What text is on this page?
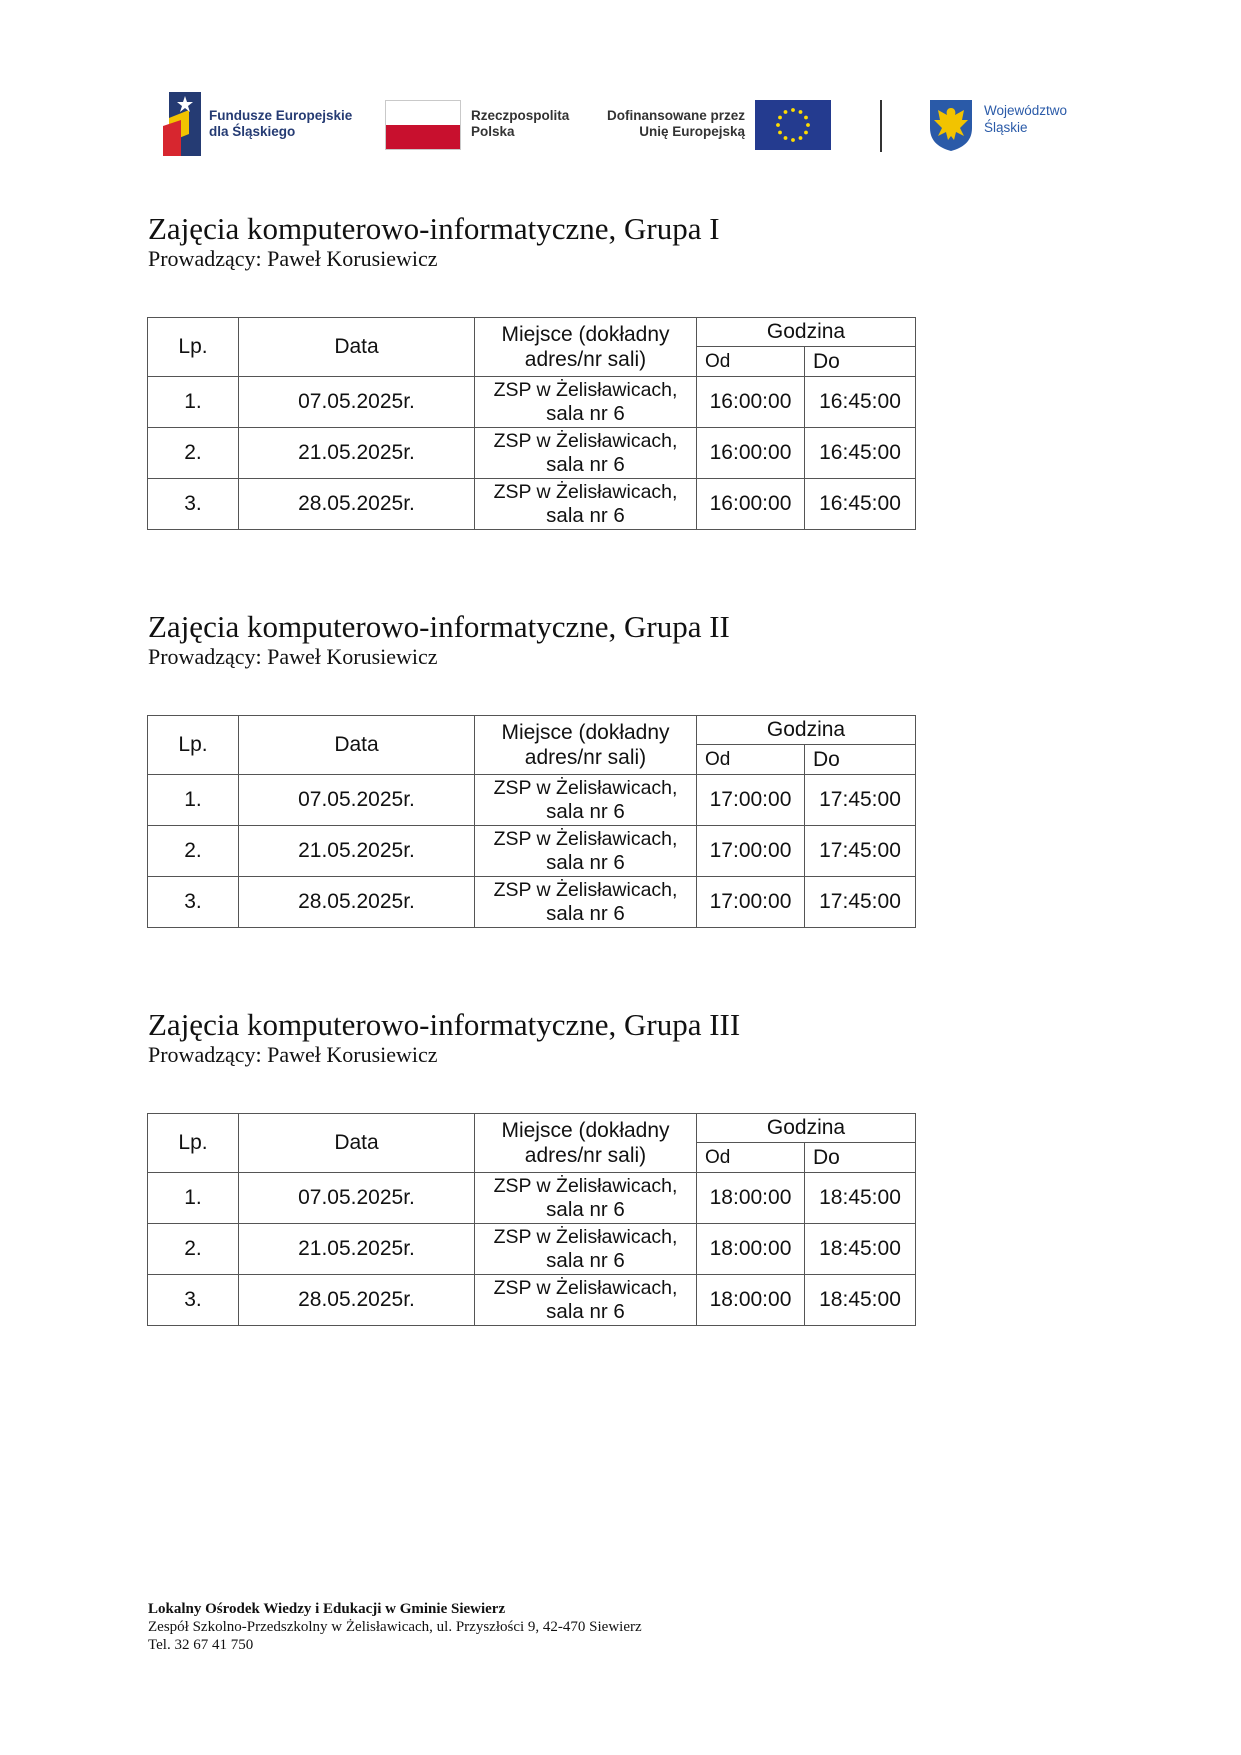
Fundusze Europejskie
dla Śląskiego
Rzeczpospolita
Polska
Dofinansowane przez
Unię Europejską
Województwo
Śląskie
Zajęcia komputerowo-informatyczne, Grupa I
Prowadzący: Paweł Korusiewicz
Lp.	Data	Miejsce (dokładny
adres/nr sali)	Godzina	
			Od	Do
1.	07.05.2025r.	ZSP w Żelisławicach,
sala nr 6	16:00:00	16:45:00
2.	21.05.2025r.	ZSP w Żelisławicach,
sala nr 6	16:00:00	16:45:00
3.	28.05.2025r.	ZSP w Żelisławicach,
sala nr 6	16:00:00	16:45:00
Zajęcia komputerowo-informatyczne, Grupa II
Prowadzący: Paweł Korusiewicz
Lp.	Data	Miejsce (dokładny
adres/nr sali)	Godzina	
			Od	Do
1.	07.05.2025r.	ZSP w Żelisławicach,
sala nr 6	17:00:00	17:45:00
2.	21.05.2025r.	ZSP w Żelisławicach,
sala nr 6	17:00:00	17:45:00
3.	28.05.2025r.	ZSP w Żelisławicach,
sala nr 6	17:00:00	17:45:00
Zajęcia komputerowo-informatyczne, Grupa III
Prowadzący: Paweł Korusiewicz
Lp.	Data	Miejsce (dokładny
adres/nr sali)	Godzina	
			Od	Do
1.	07.05.2025r.	ZSP w Żelisławicach,
sala nr 6	18:00:00	18:45:00
2.	21.05.2025r.	ZSP w Żelisławicach,
sala nr 6	18:00:00	18:45:00
3.	28.05.2025r.	ZSP w Żelisławicach,
sala nr 6	18:00:00	18:45:00
Lokalny Ośrodek Wiedzy i Edukacji w Gminie Siewierz
Zespół Szkolno-Przedszkolny w Żelisławicach, ul. Przyszłości 9, 42-470 Siewierz
Tel. 32 67 41 750
